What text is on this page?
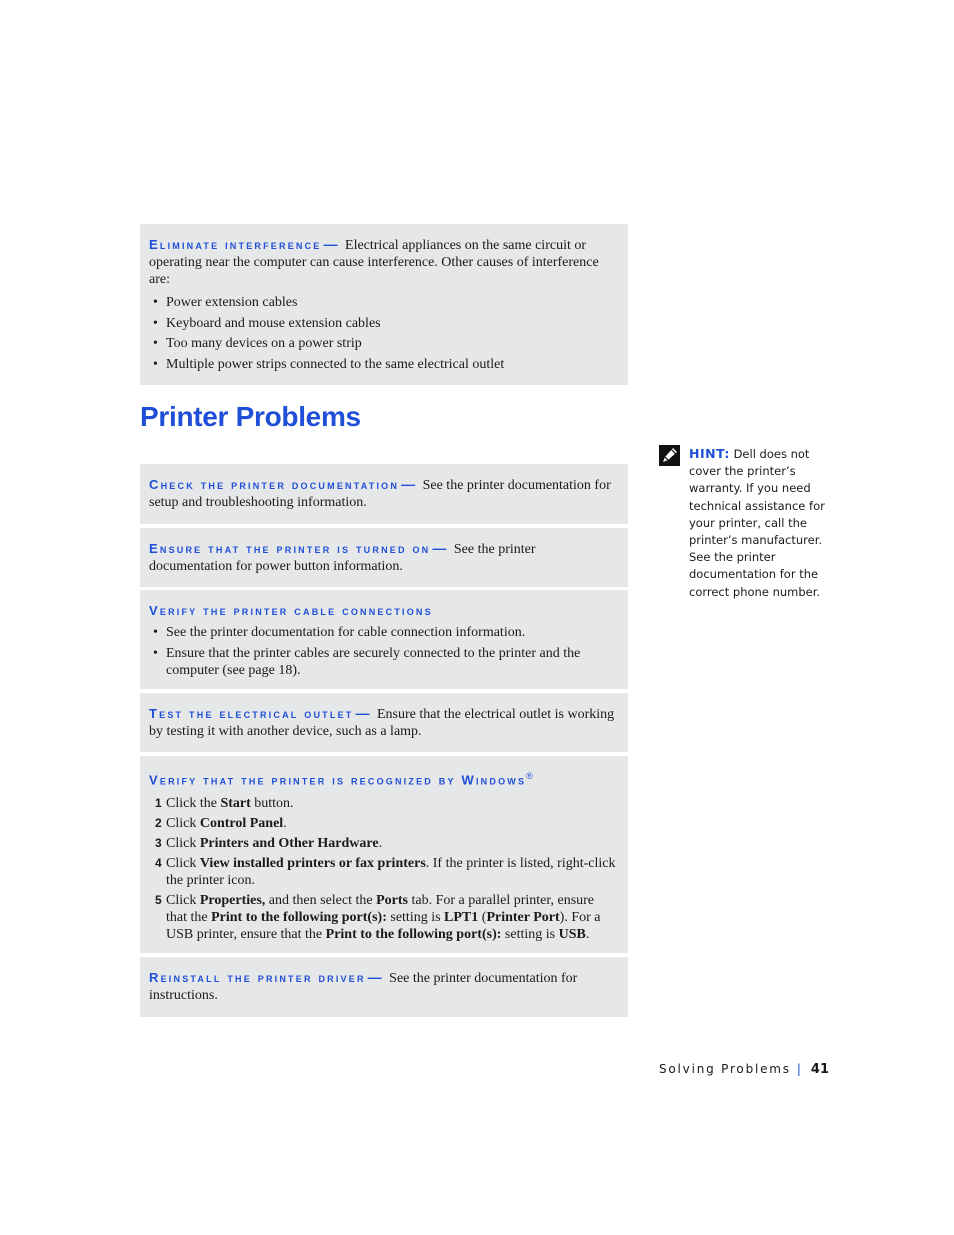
Eliminate interference — Electrical appliances on the same circuit or operating near the computer can cause interference. Other causes of interference are:
• Power extension cables
• Keyboard and mouse extension cables
• Too many devices on a power strip
• Multiple power strips connected to the same electrical outlet
Printer Problems
Check the printer documentation — See the printer documentation for setup and troubleshooting information.
Ensure that the printer is turned on — See the printer documentation for power button information.
Verify the printer cable connections
• See the printer documentation for cable connection information.
• Ensure that the printer cables are securely connected to the printer and the computer (see page 18).
Test the electrical outlet — Ensure that the electrical outlet is working by testing it with another device, such as a lamp.
Verify that the printer is recognized by Windows®
1 Click the Start button.
2 Click Control Panel.
3 Click Printers and Other Hardware.
4 Click View installed printers or fax printers. If the printer is listed, right-click the printer icon.
5 Click Properties, and then select the Ports tab. For a parallel printer, ensure that the Print to the following port(s): setting is LPT1 (Printer Port). For a USB printer, ensure that the Print to the following port(s): setting is USB.
Reinstall the printer driver — See the printer documentation for instructions.
HINT: Dell does not cover the printer’s warranty. If you need technical assistance for your printer, call the printer’s manufacturer. See the printer documentation for the correct phone number.
Solving Problems | 41
